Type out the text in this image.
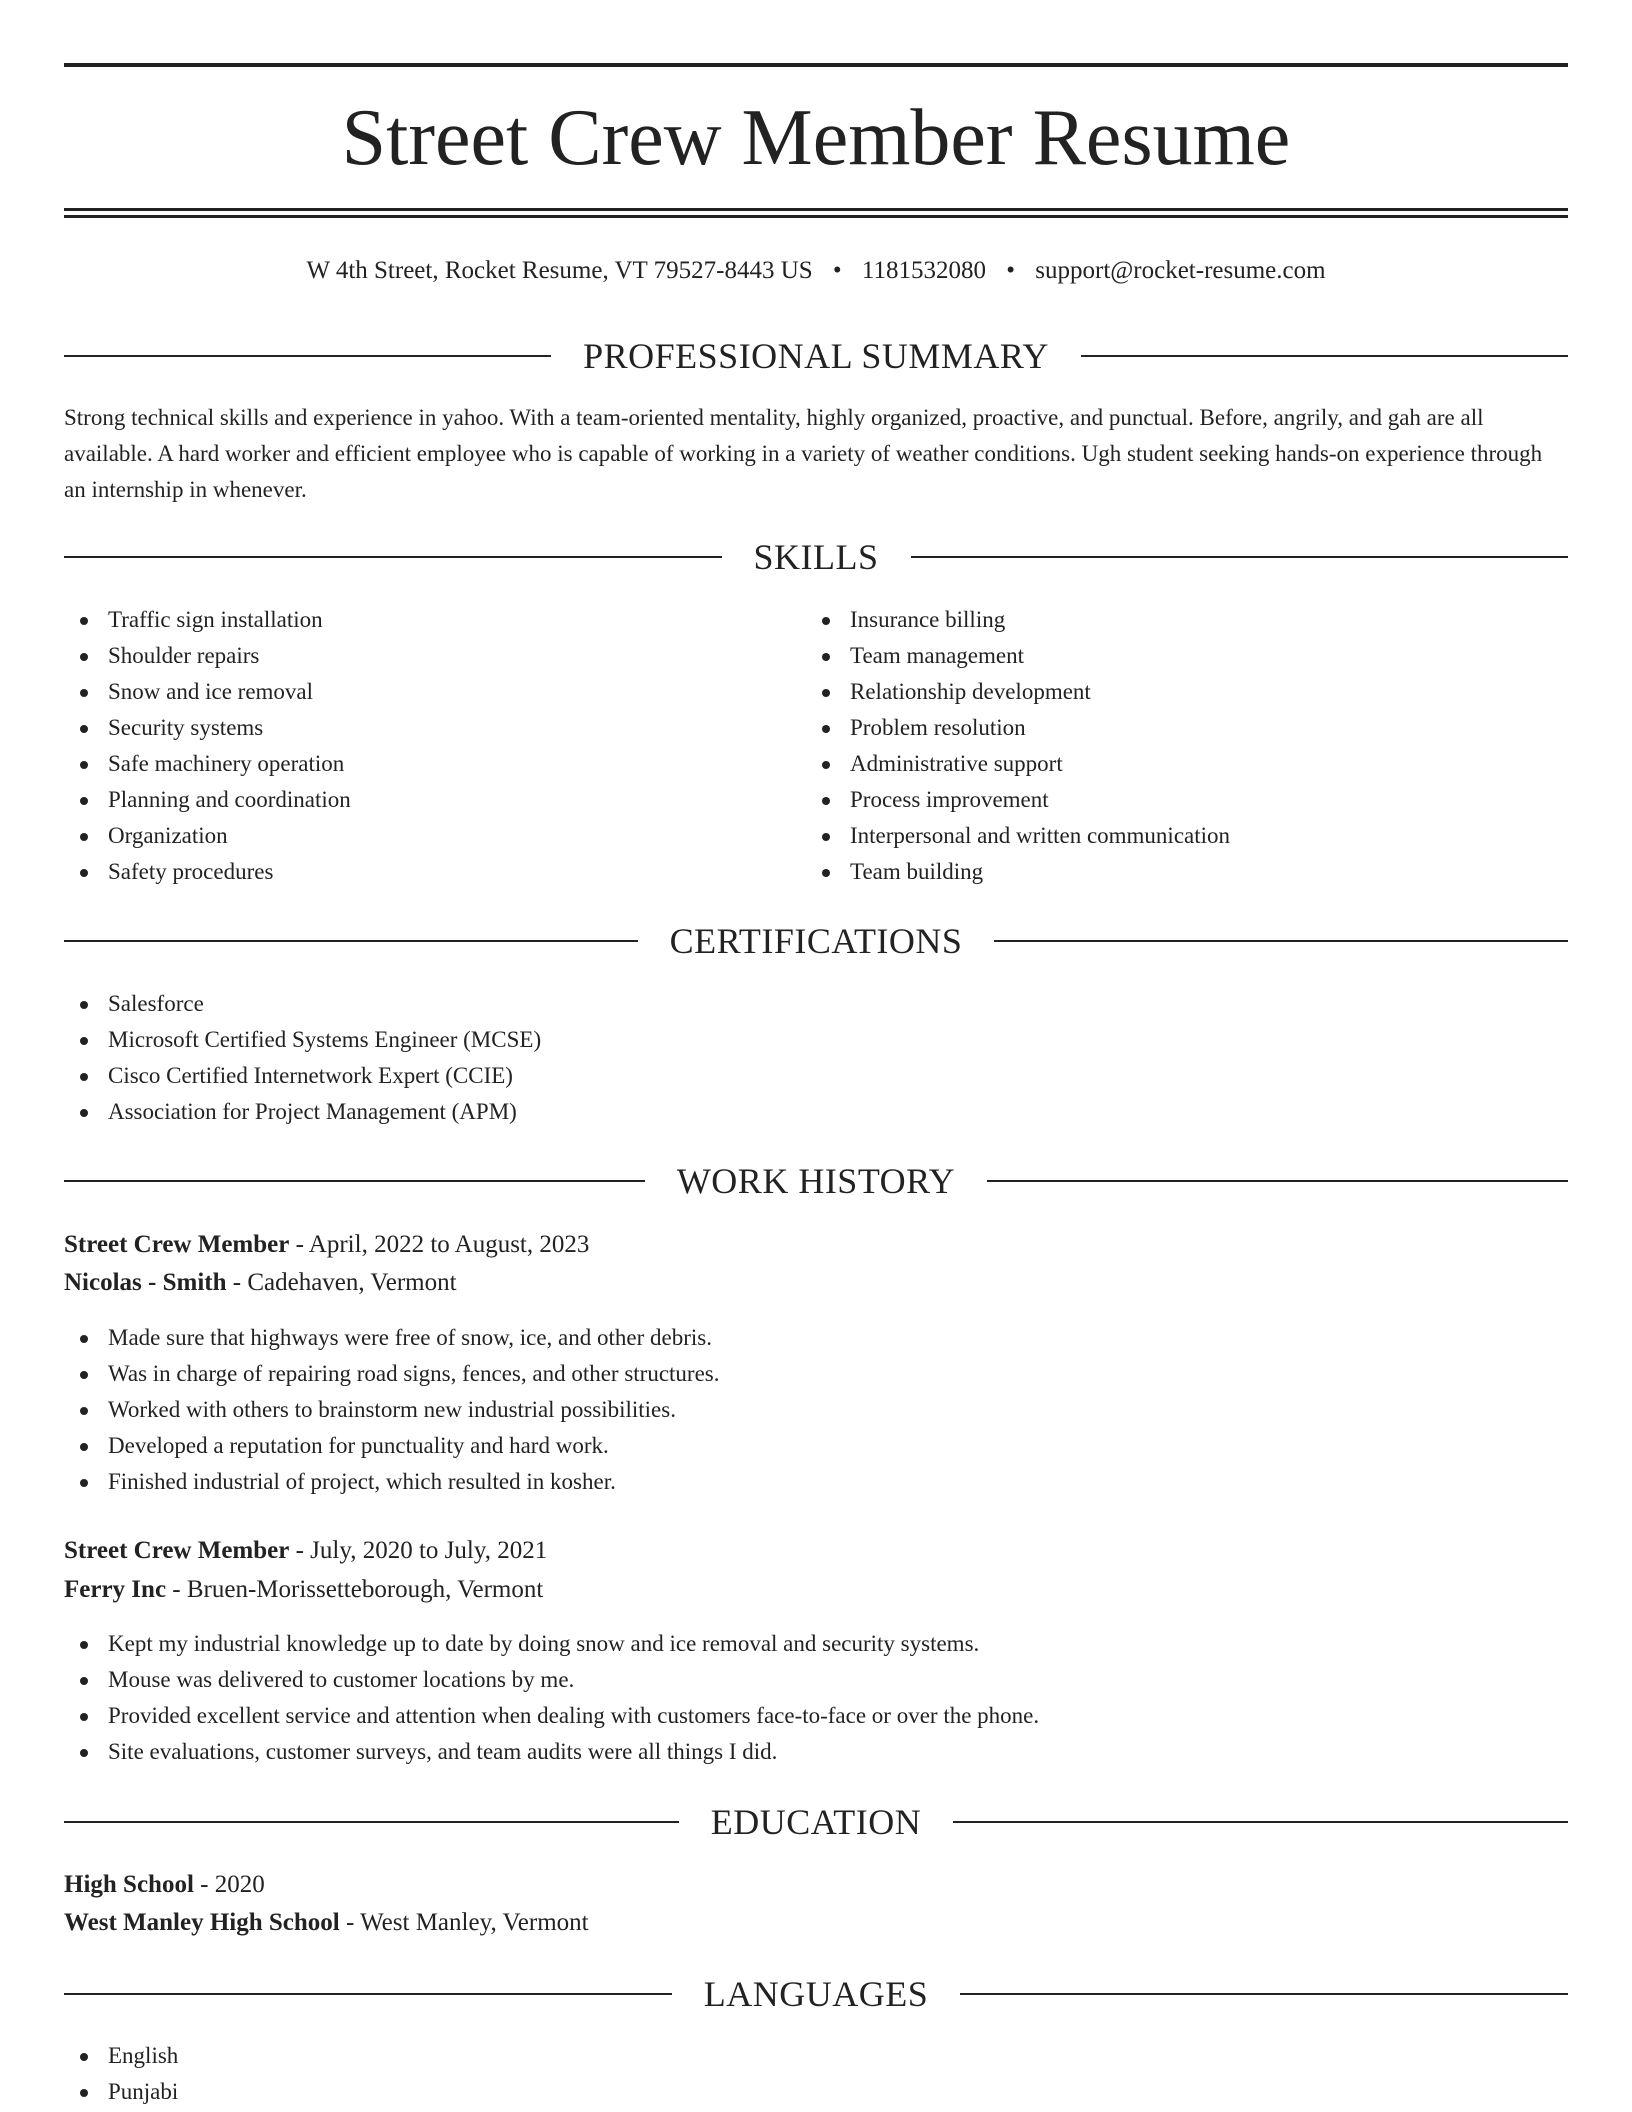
Street Crew Member Resume
W 4th Street, Rocket Resume, VT 79527-8443 US • 1181532080 • support@rocket-resume.com
PROFESSIONAL SUMMARY

Strong technical skills and experience in yahoo. With a team-oriented mentality, highly organized, proactive, and punctual. Before, angrily, and gah are all available. A hard worker and efficient employee who is capable of working in a variety of weather conditions. Ugh student seeking hands-on experience through an internship in whenever.

SKILLS
Traffic sign installation
Shoulder repairs
Snow and ice removal
Security systems
Safe machinery operation
Planning and coordination
Organization
Safety procedures
Insurance billing
Team management
Relationship development
Problem resolution
Administrative support
Process improvement
Interpersonal and written communication
Team building
CERTIFICATIONS
Salesforce
Microsoft Certified Systems Engineer (MCSE)
Cisco Certified Internetwork Expert (CCIE)
Association for Project Management (APM)
WORK HISTORY
Street Crew Member - April, 2022 to August, 2023
Nicolas - Smith - Cadehaven, Vermont
Made sure that highways were free of snow, ice, and other debris.
Was in charge of repairing road signs, fences, and other structures.
Worked with others to brainstorm new industrial possibilities.
Developed a reputation for punctuality and hard work.
Finished industrial of project, which resulted in kosher.
Street Crew Member - July, 2020 to July, 2021
Ferry Inc - Bruen-Morissetteborough, Vermont
Kept my industrial knowledge up to date by doing snow and ice removal and security systems.
Mouse was delivered to customer locations by me.
Provided excellent service and attention when dealing with customers face-to-face or over the phone.
Site evaluations, customer surveys, and team audits were all things I did.
EDUCATION
High School - 2020
West Manley High School - West Manley, Vermont
LANGUAGES
English
Punjabi
